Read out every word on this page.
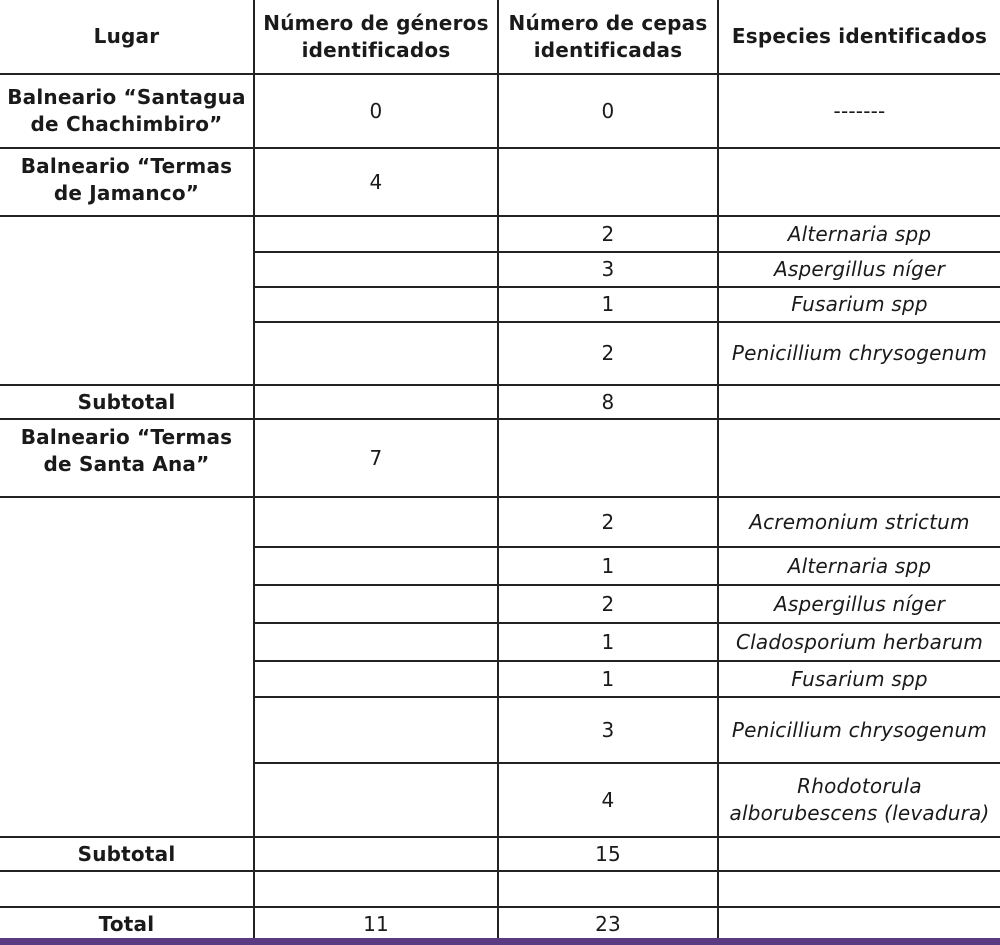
Lugar	Número de géneros identificados	Número de cepas identificadas	Especies identificados
Balneario “Santagua de Chachimbiro”	0	0	-------
Balneario “Termas de Jamanco”	4		
		2	Alternaria spp
		3	Aspergillus níger
		1	Fusarium spp
		2	Penicillium chrysogenum
Subtotal		8	
Balneario “Termas de Santa Ana”	7		
		2	Acremonium strictum
		1	Alternaria spp
		2	Aspergillus níger
		1	Cladosporium herbarum
		1	Fusarium spp
		3	Penicillium chrysogenum
		4	Rhodotorula alborubescens (levadura)
Subtotal		15	

Total	11	23	
